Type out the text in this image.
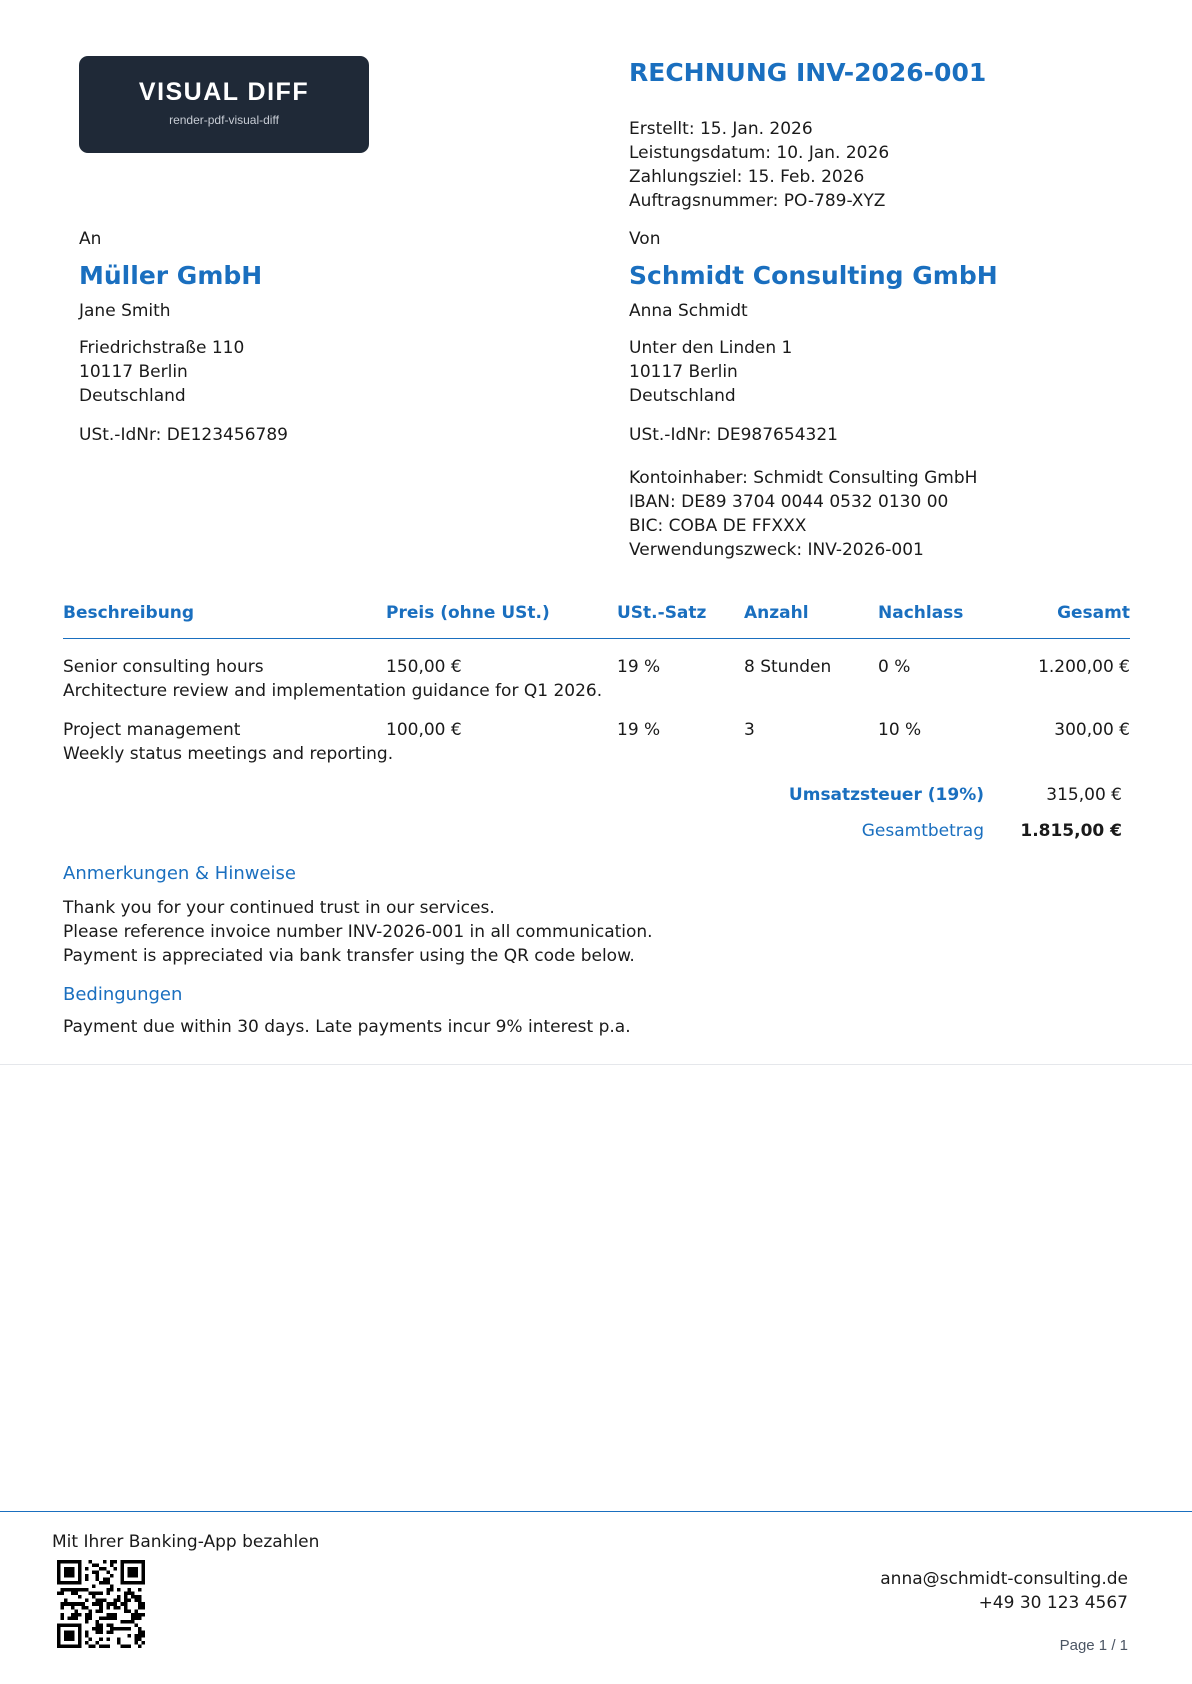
VISUAL DIFF
render-pdf-visual-diff
RECHNUNG INV-2026-001
Erstellt: 15. Jan. 2026
Leistungsdatum: 10. Jan. 2026
Zahlungsziel: 15. Feb. 2026
Auftragsnummer: PO-789-XYZ
An
Müller GmbH
Jane Smith
Friedrichstraße 110
10117 Berlin
Deutschland
USt.-IdNr: DE123456789
Von
Schmidt Consulting GmbH
Anna Schmidt
Unter den Linden 1
10117 Berlin
Deutschland
USt.-IdNr: DE987654321
Kontoinhaber: Schmidt Consulting GmbH
IBAN: DE89 3704 0044 0532 0130 00
BIC: COBA DE FFXXX
Verwendungszweck: INV-2026-001
Beschreibung	Preis (ohne USt.)	USt.-Satz	Anzahl	Nachlass	Gesamt
Senior consulting hours	150,00 €	19 %	8 Stunden	0 %	1.200,00 €
Architecture review and implementation guidance for Q1 2026.					
Project management	100,00 €	19 %	3	10 %	300,00 €
Weekly status meetings and reporting.					
Umsatzsteuer (19%)	315,00 €
Gesamtbetrag 1.815,00 €
Anmerkungen & Hinweise
Thank you for your continued trust in our services.
Please reference invoice number INV-2026-001 in all communication.
Payment is appreciated via bank transfer using the QR code below.
Bedingungen
Payment due within 30 days. Late payments incur 9% interest p.a.
Mit Ihrer Banking-App bezahlen
anna@schmidt-consulting.de
+49 30 123 4567
Page 1 / 1
